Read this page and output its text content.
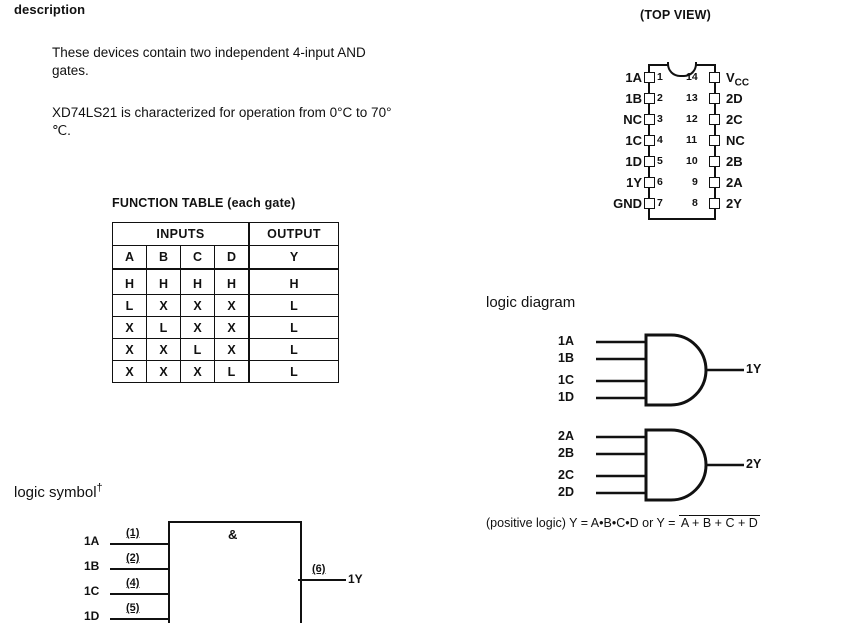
description
These devices contain two independent 4-input AND gates.
XD74LS21 is characterized for operation from 0°C to 70°℃.
FUNCTION TABLE (each gate)
INPUTS				OUTPUT
A	B	C	D	Y
H	H	H	H	H
L	X	X	X	L
X	L	X	X	L
X	X	L	X	L
X	X	X	L	L
(TOP VIEW)
1A 1
1B 2
NC 3
1C 4
1D 5
1Y 6
GND 7
14 $V_{CC}$
13 2D
12 2C
11 NC
10 2B
9 2A
8 2Y
logic diagram
1A
1B
1C
1D
1Y
2A
2B
2C
2D
2Y
(positive logic) Y = A•B•C•D or Y = A + B + C + D
logic symbol†
&
1A
(1)
1B
(2)
1C
(4)
1D
(5)
(6)
1Y
